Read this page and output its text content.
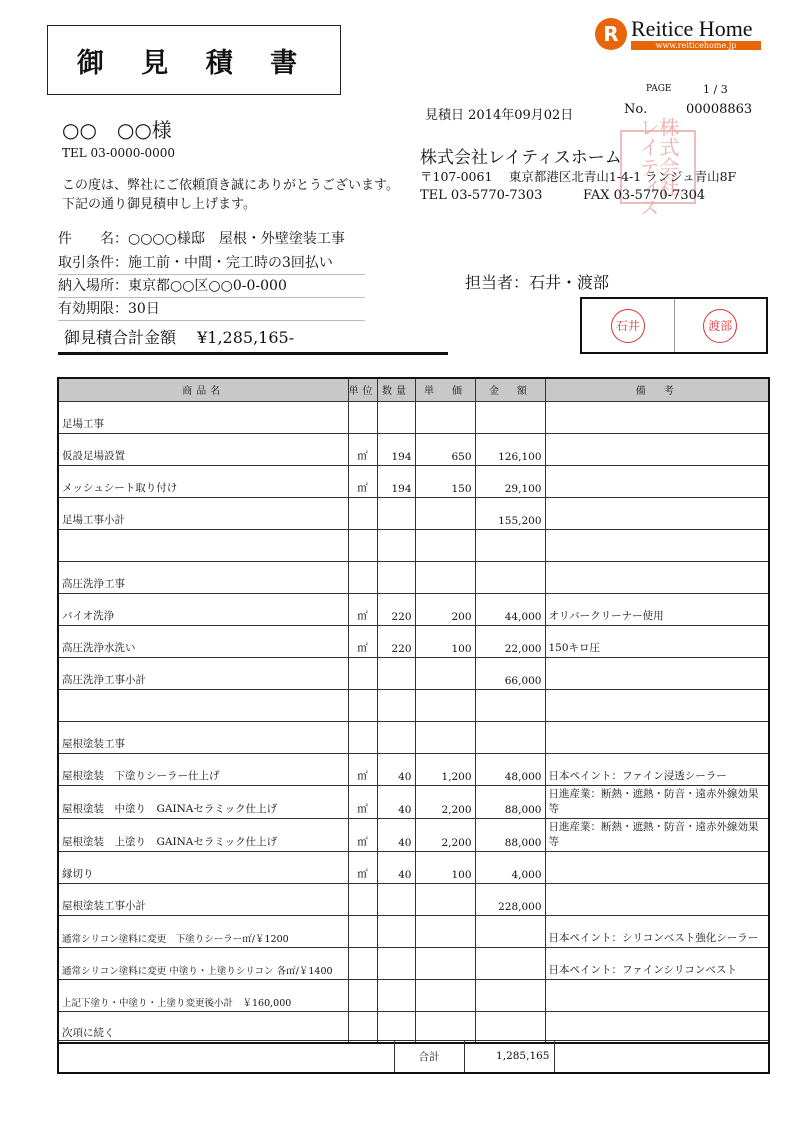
御 見 積 書
R Reitice Home
www.reiticehome.jp
PAGE	1 / 3
見積日 2014年09月02日	No.	00008863
○○　○○様
TEL 03-0000-0000
この度は、弊社にご依頼頂き誠にありがとうございます。
下記の通り御見積申し上げます。
件　　名：○○○○様邸　屋根・外壁塗装工事
取引条件：施工前・中間・完工時の3回払い
納入場所：東京都○○区○○0-0-000
有効期限：30日
御見積合計金額　 ¥1,285,165-
株式会社
レイティス
株式会社レイティスホーム
〒107-0061　 東京都港区北青山1-4-1 ランジュ青山8F
TEL 03-5770-7303	FAX 03-5770-7304
担当者：石井・渡部
石井	渡部
商品名	単位	数量	単　価	金　額	備　考
足場工事					
仮設足場設置	㎡	194	650	126,100	
メッシュシート取り付け	㎡	194	150	29,100	
足場工事小計				155,200	

高圧洗浄工事					
バイオ洗浄	㎡	220	200	44,000	オリバークリーナー使用
高圧洗浄水洗い	㎡	220	100	22,000	150キロ圧
高圧洗浄工事小計				66,000	

屋根塗装工事					
屋根塗装　下塗りシーラー仕上げ	㎡	40	1,200	48,000	日本ペイント：ファイン浸透シーラー
屋根塗装　中塗り　GAINAセラミック仕上げ	㎡	40	2,200	88,000	日進産業：断熱・遮熱・防音・遠赤外線効果等
屋根塗装　上塗り　GAINAセラミック仕上げ	㎡	40	2,200	88,000	日進産業：断熱・遮熱・防音・遠赤外線効果等
縁切り	㎡	40	100	4,000	
屋根塗装工事小計				228,000	
通常シリコン塗料に変更　下塗りシーラー㎡/￥1200					日本ペイント：シリコンベスト強化シーラー
通常シリコン塗料に変更 中塗り・上塗りシリコン 各㎡/￥1400					日本ペイント：ファインシリコンベスト
上記下塗り・中塗り・上塗り変更後小計　￥160,000					
次項に続く					
	合計	1,285,165	
